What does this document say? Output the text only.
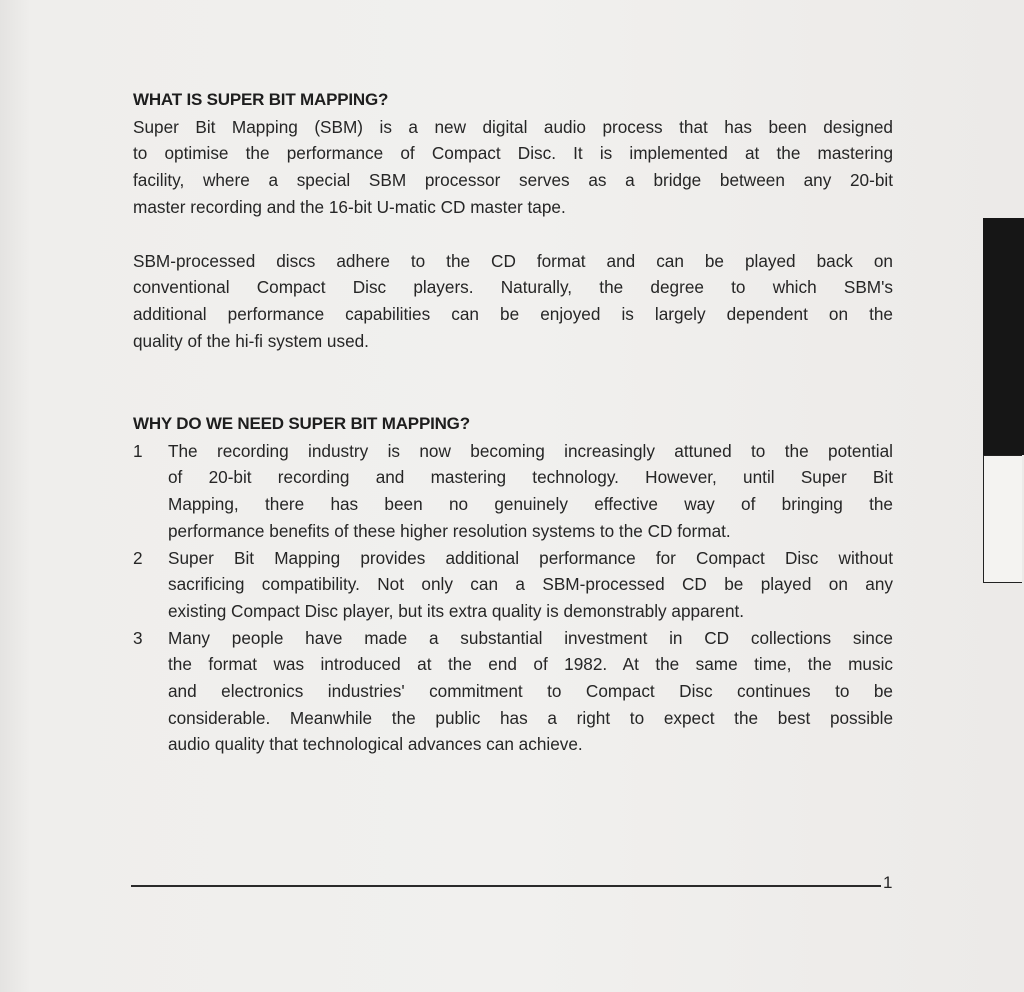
WHAT IS SUPER BIT MAPPING?
Super Bit Mapping (SBM) is a new digital audio process that has been designed
to optimise the performance of Compact Disc. It is implemented at the mastering
facility, where a special SBM processor serves as a bridge between any 20-bit
master recording and the 16-bit U-matic CD master tape.
SBM-processed discs adhere to the CD format and can be played back on
conventional Compact Disc players. Naturally, the degree to which SBM's
additional performance capabilities can be enjoyed is largely dependent on the
quality of the hi-fi system used.
WHY DO WE NEED SUPER BIT MAPPING?
1 The recording industry is now becoming increasingly attuned to the potential
of 20-bit recording and mastering technology. However, until Super Bit
Mapping, there has been no genuinely effective way of bringing the
performance benefits of these higher resolution systems to the CD format.
2 Super Bit Mapping provides additional performance for Compact Disc without
sacrificing compatibility. Not only can a SBM-processed CD be played on any
existing Compact Disc player, but its extra quality is demonstrably apparent.
3 Many people have made a substantial investment in CD collections since
the format was introduced at the end of 1982. At the same time, the music
and electronics industries' commitment to Compact Disc continues to be
considerable. Meanwhile the public has a right to expect the best possible
audio quality that technological advances can achieve.
1
